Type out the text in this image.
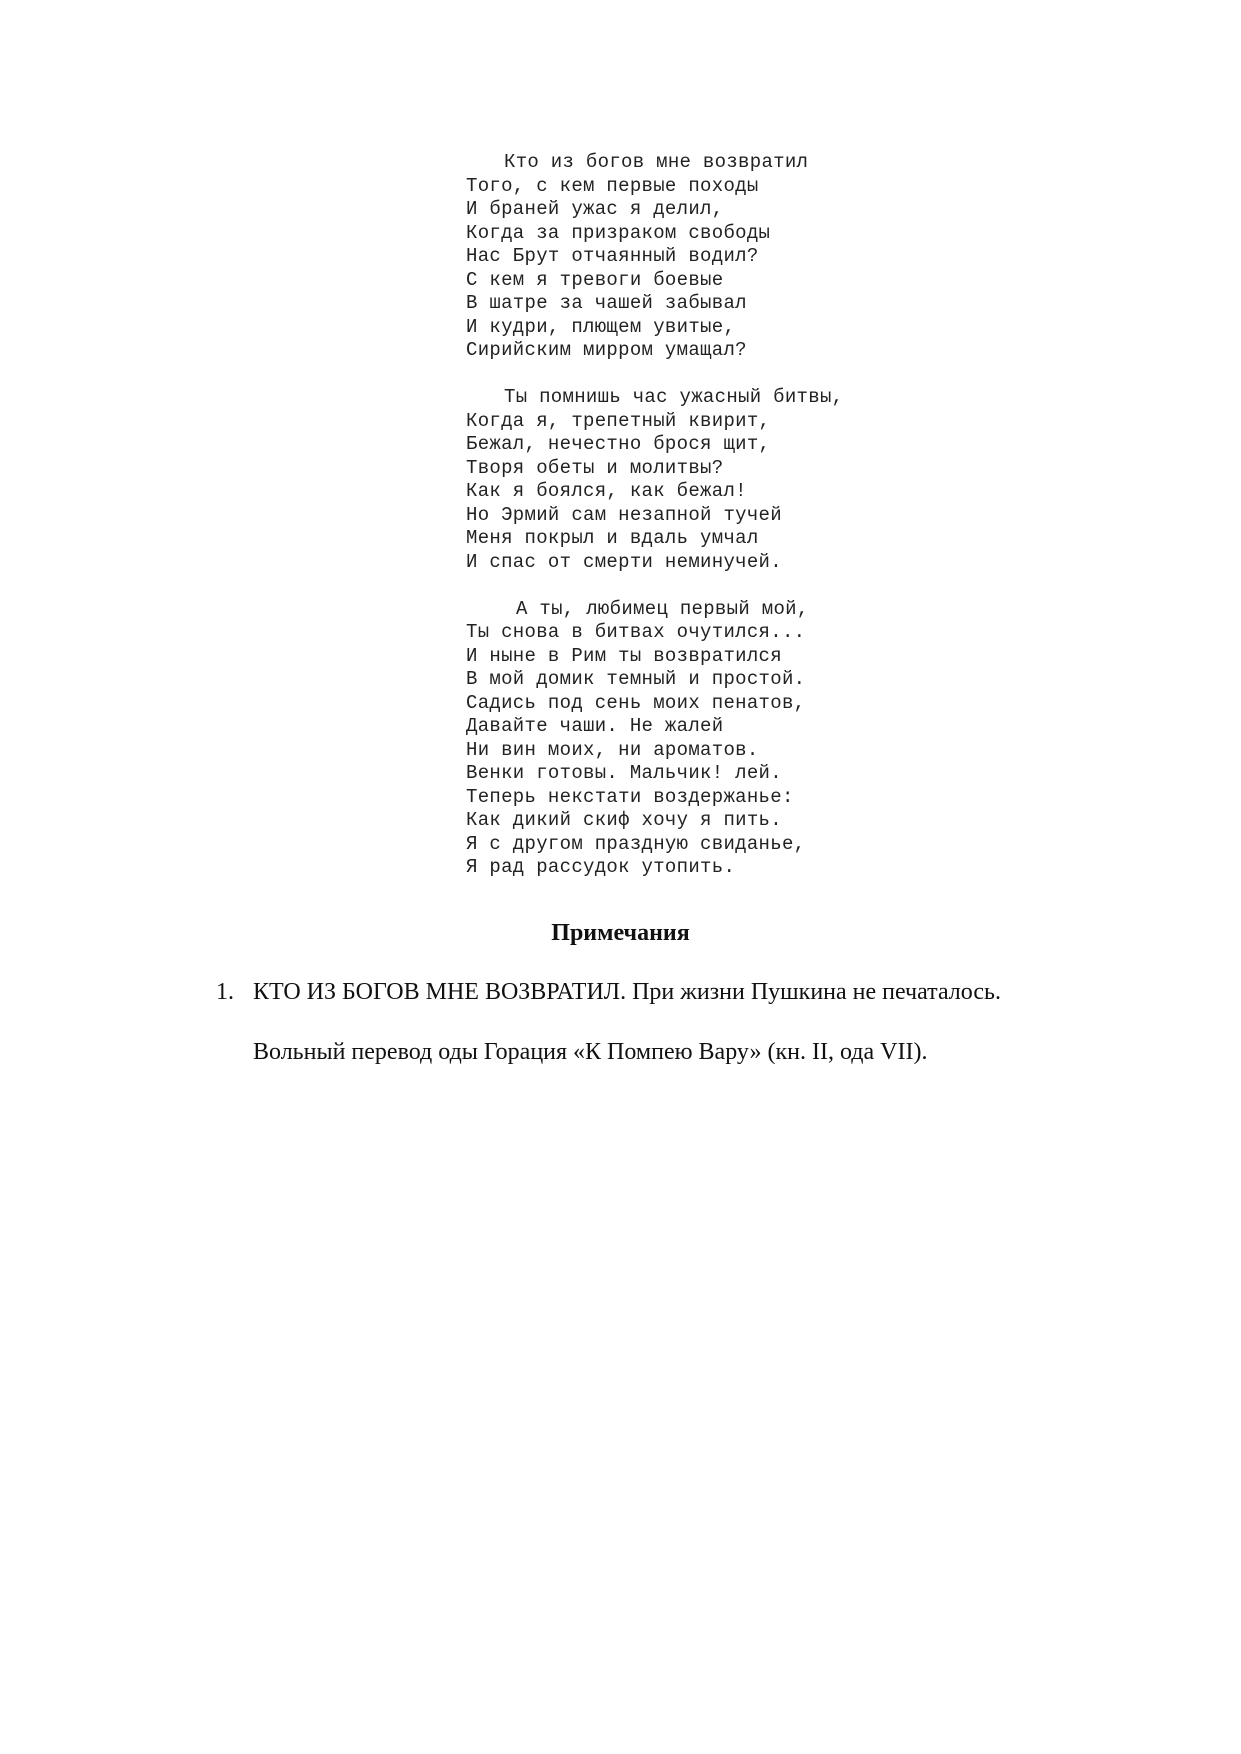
Кто из богов мне возвратил
Того, с кем первые походы
И браней ужас я делил,
Когда за призраком свободы
Нас Брут отчаянный водил?
С кем я тревоги боевые
В шатре за чашей забывал
И кудри, плющем увитые,
Сирийским мирром умащал?
Ты помнишь час ужасный битвы,
Когда я, трепетный квирит,
Бежал, нечестно брося щит,
Творя обеты и молитвы?
Как я боялся, как бежал!
Но Эрмий сам незапной тучей
Меня покрыл и вдаль умчал
И спас от смерти неминучей.
А ты, любимец первый мой,
Ты снова в битвах очутился...
И ныне в Рим ты возвратился
В мой домик темный и простой.
Садись под сень моих пенатов,
Давайте чаши. Не жалей
Ни вин моих, ни ароматов.
Венки готовы. Мальчик! лей.
Теперь некстати воздержанье:
Как дикий скиф хочу я пить.
Я с другом праздную свиданье,
Я рад рассудок утопить.
Примечания
1. КТО ИЗ БОГОВ МНЕ ВОЗВРАТИЛ. При жизни Пушкина не печаталось.
Вольный перевод оды Горация «К Помпею Вару» (кн. II, ода VII).
